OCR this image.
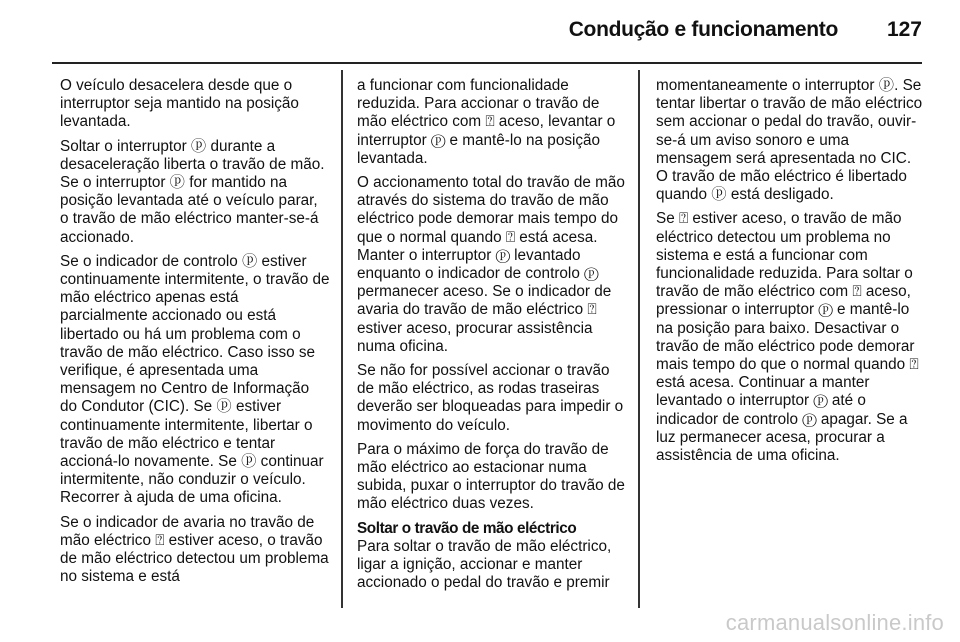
Condução e funcionamento 127

O veículo desacelera desde que o interruptor seja mantido na posição levantada.

Soltar o interruptor ⓟ durante a desaceleração liberta o travão de mão. Se o interruptor ⓟ for mantido na posição levantada até o veículo parar, o travão de mão eléctrico manter-se-á accionado.

Se o indicador de controlo ⓟ estiver continuamente intermitente, o travão de mão eléctrico apenas está parcialmente accionado ou está libertado ou há um problema com o travão de mão eléctrico. Caso isso se verifique, é apresentada uma mensagem no Centro de Informação do Condutor (CIC). Se ⓟ estiver continuamente intermitente, libertar o travão de mão eléctrico e tentar accioná-lo novamente. Se ⓟ continuar intermitente, não conduzir o veículo. Recorrer à ajuda de uma oficina.

Se o indicador de avaria no travão de mão eléctrico ⍰ estiver aceso, o travão de mão eléctrico detectou um problema no sistema e está

a funcionar com funcionalidade reduzida. Para accionar o travão de mão eléctrico com ⍰ aceso, levantar o interruptor ⓟ e mantê-lo na posição levantada.

O accionamento total do travão de mão através do sistema do travão de mão eléctrico pode demorar mais tempo do que o normal quando ⍰ está acesa. Manter o interruptor ⓟ levantado enquanto o indicador de controlo ⓟ permanecer aceso. Se o indicador de avaria do travão de mão eléctrico ⍰ estiver aceso, procurar assistência numa oficina.

Se não for possível accionar o travão de mão eléctrico, as rodas traseiras deverão ser bloqueadas para impedir o movimento do veículo.

Para o máximo de força do travão de mão eléctrico ao estacionar numa subida, puxar o interruptor do travão de mão eléctrico duas vezes.

Soltar o travão de mão eléctrico

Para soltar o travão de mão eléctrico, ligar a ignição, accionar e manter accionado o pedal do travão e premir

momentaneamente o interruptor ⓟ. Se tentar libertar o travão de mão eléctrico sem accionar o pedal do travão, ouvir-se-á um aviso sonoro e uma mensagem será apresentada no CIC. O travão de mão eléctrico é libertado quando ⓟ está desligado.

Se ⍰ estiver aceso, o travão de mão eléctrico detectou um problema no sistema e está a funcionar com funcionalidade reduzida. Para soltar o travão de mão eléctrico com ⍰ aceso, pressionar o interruptor ⓟ e mantê-lo na posição para baixo. Desactivar o travão de mão eléctrico pode demorar mais tempo do que o normal quando ⍰ está acesa. Continuar a manter levantado o interruptor ⓟ até o indicador de controlo ⓟ apagar. Se a luz permanecer acesa, procurar a assistência de uma oficina.

carmanualsonline.info
